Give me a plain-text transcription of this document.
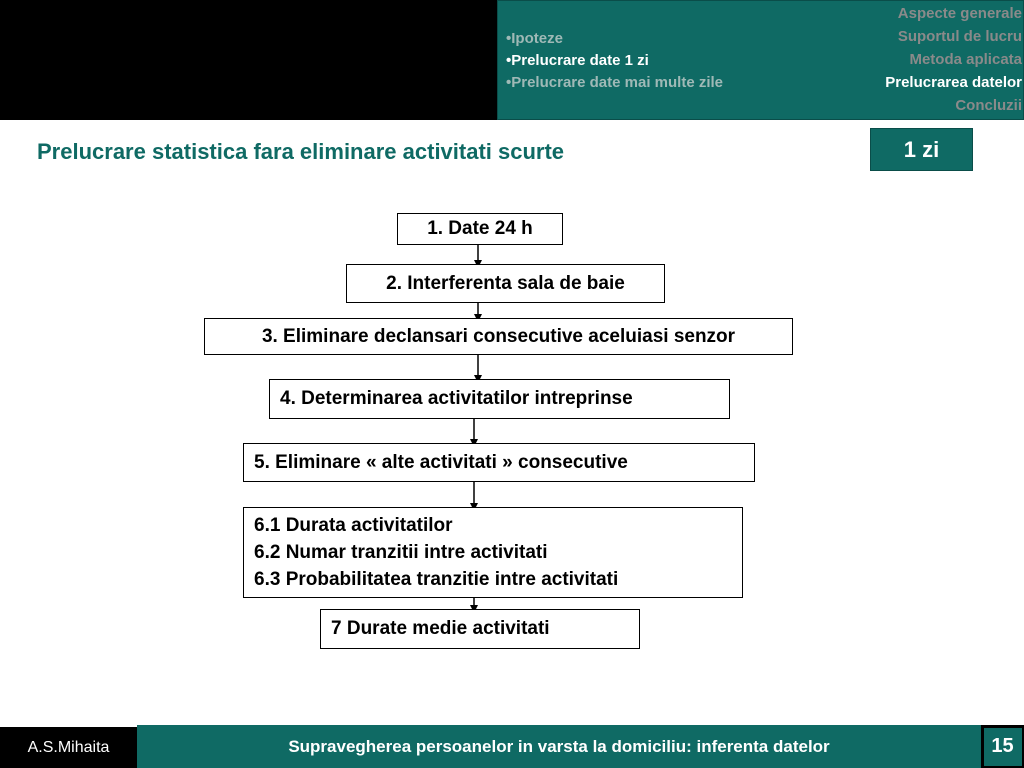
Aspecte generale
Suportul de lucru
Metoda aplicata
Prelucrarea datelor
Concluzii
•Ipoteze
•Prelucrare date 1 zi
•Prelucrare date mai multe zile
Prelucrare statistica fara eliminare activitati scurte	1 zi
1. Date 24 h
2. Interferenta sala de baie
3. Eliminare declansari consecutive aceluiasi senzor
4. Determinarea activitatilor intreprinse
5. Eliminare « alte activitati » consecutive
6.1 Durata activitatilor
6.2 Numar tranzitii intre activitati
6.3 Probabilitatea tranzitie intre activitati
7 Durate medie activitati
A.S.Mihaita	Supravegherea persoanelor in varsta la domiciliu: inferenta datelor	15
